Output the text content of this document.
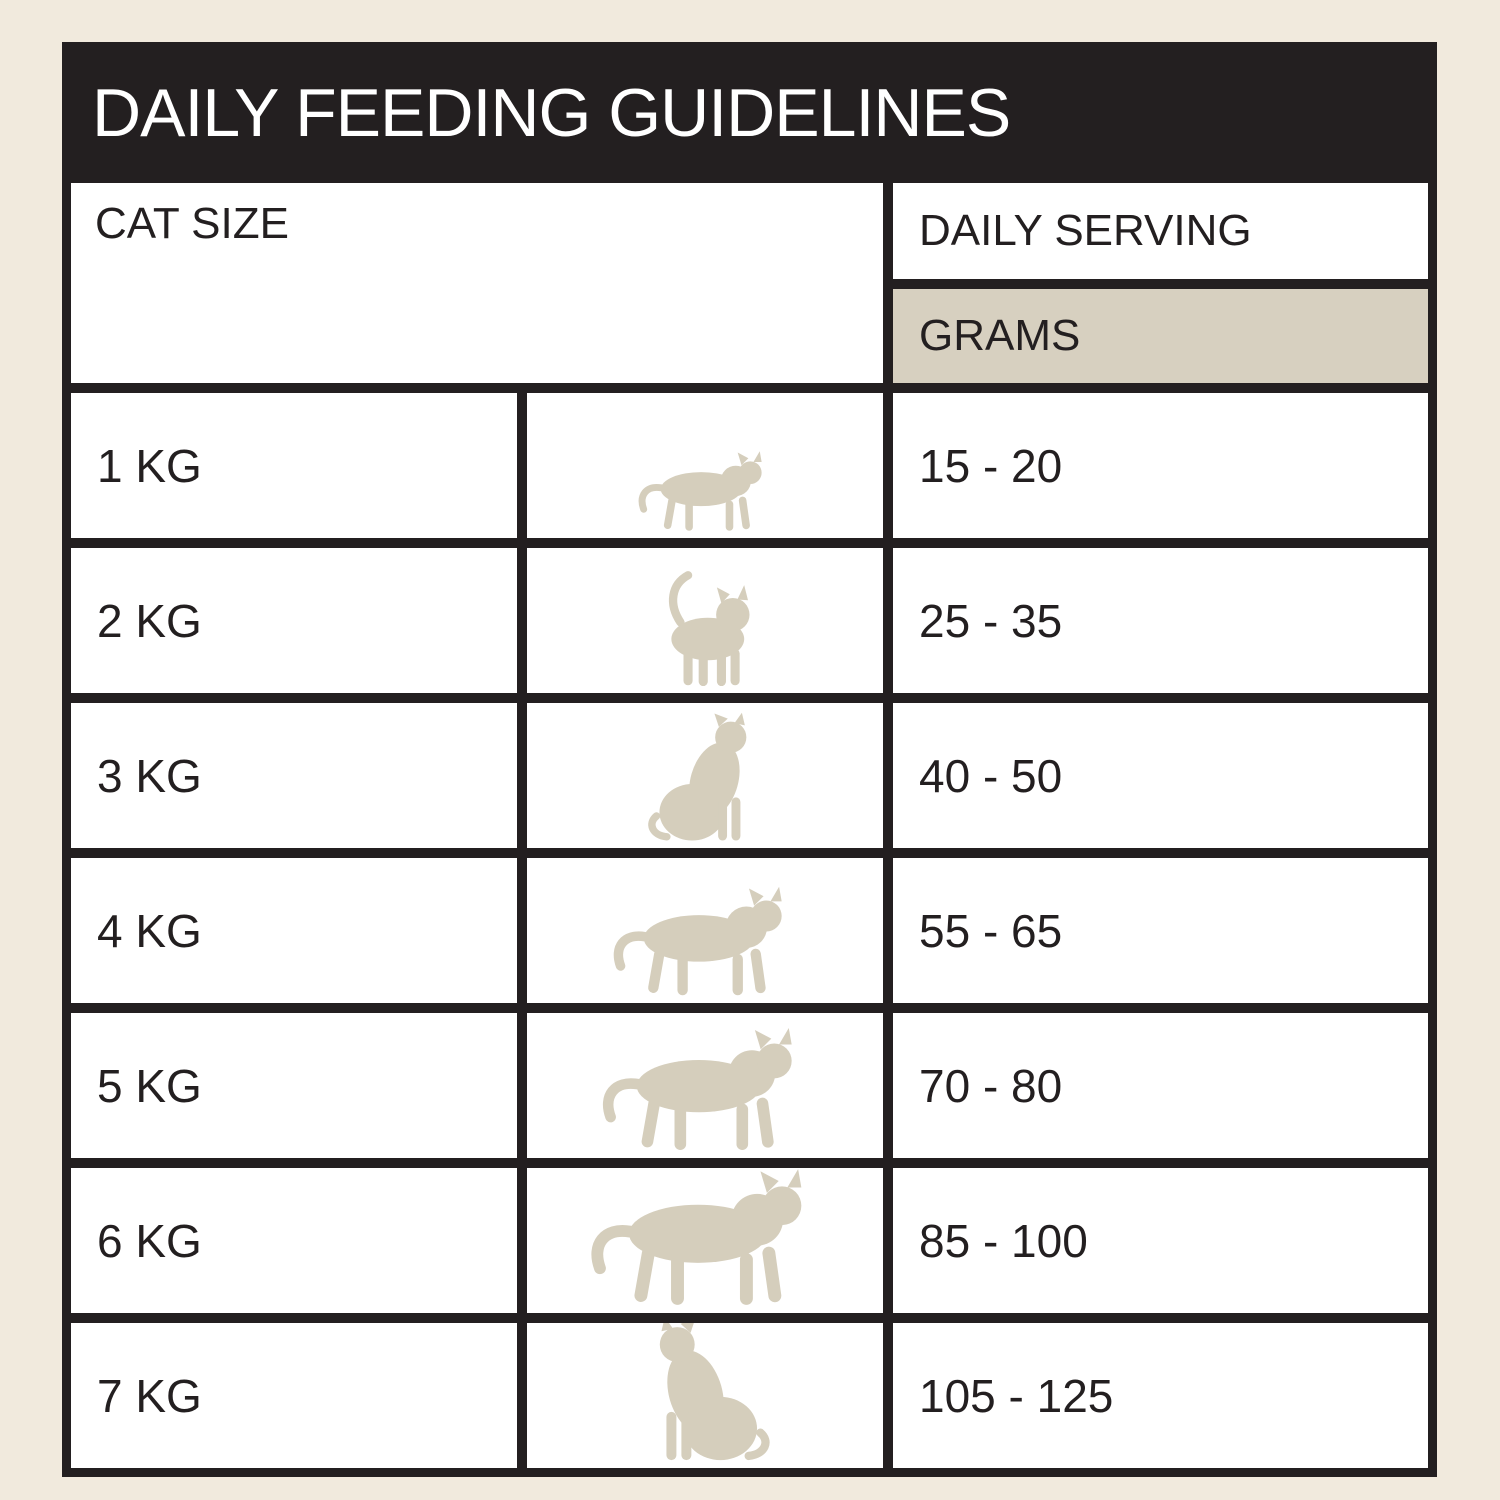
DAILY FEEDING GUIDELINES
CAT SIZE	DAILY SERVING
GRAMS
1 KG	15 - 20
2 KG	25 - 35
3 KG	40 - 50
4 KG	55 - 65
5 KG	70 - 80
6 KG	85 - 100
7 KG	105 - 125
